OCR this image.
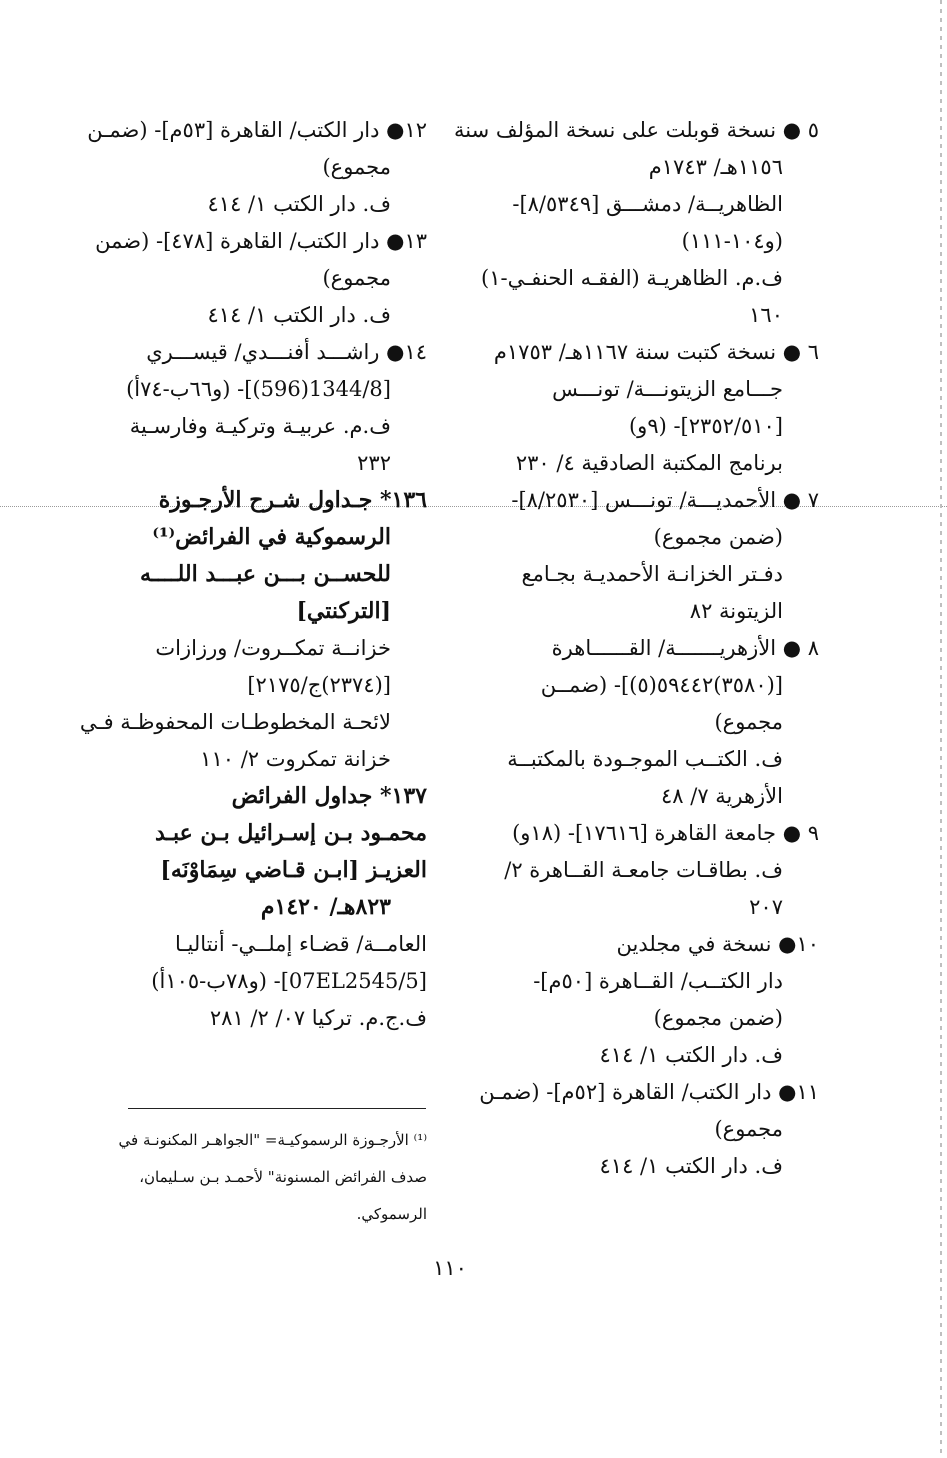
٥ ● نسخة قوبلت على نسخة المؤلف سنة
١١٥٦هـ/ ١٧٤٣م
الظاهريــة/ دمشـــق [٨/٥٣٤٩]-
(و١٠٤-١١١)
ف.م. الظاهريـة (الفقـه الحنفـي-١)
١٦٠
٦ ● نسخة كتبت سنة ١١٦٧هـ/ ١٧٥٣م
جـــامع الزيتونـــة/ تونـــس
[٢٣٥٢/٥١٠]- (٩و)
برنامج المكتبة الصادقية ٤/ ٢٣٠
٧ ● الأحمديـــة/ تونـــس [٨/٢٥٣٠]-
(ضمن مجموع)
دفـتر الخزانـة الأحمديـة بجـامع
الزيتونة ٨٢
٨ ● الأزهريـــــــة/ القــــــاهرة
[(٣٥٨٠)٥٩٤٤٢(٥)]- (ضمــن
مجموع)
ف. الكتــب الموجـودة بالمكتبــة
الأزهرية ٧/ ٤٨
٩ ● جامعة القاهرة [١٧٦١٦]- (١٨و)
ف. بطاقـات جامعـة القــاهرة ٢/
٢٠٧
١٠● نسخة في مجلدين
دار الكتــب/ القــاهرة [٥٠م]-
(ضمن مجموع)
ف. دار الكتب ١/ ٤١٤
١١● دار الكتب/ القاهرة [٥٢م]- (ضمـن
مجموع)
ف. دار الكتب ١/ ٤١٤
١٢● دار الكتب/ القاهرة [٥٣م]- (ضمـن
مجموع)
ف. دار الكتب ١/ ٤١٤
١٣● دار الكتب/ القاهرة [٤٧٨]- (ضمن
مجموع)
ف. دار الكتب ١/ ٤١٤
١٤● راشـــد أفنـــدي/ قيســـري
[1344/8(596)]- (و٦٦ب-٧٤أ)
ف.م. عربيـة وتركيـة وفارسـية
٢٣٢
١٣٦* جـداول شـرح الأرجـوزة
الرسموكية في الفرائض⁽¹⁾
للحســن بـــن عبـــد اللــــه
[التركنتي]
خزانــة تمكــروت/ ورزازات
[(٢٣٧٤)ج/٢١٧٥]
لائحـة المخطوطـات المحفوظـة فـي
خزانة تمكروت ٢/ ١١٠
١٣٧* جداول الفرائض
محمـود بـن إسـرائيل بـن عبـد
العزيـز [ابـن قـاضي سِمَاوْنَه]
٨٢٣هـ/ ١٤٢٠م
العامــة/ قضـاء إملــي- أنتاليـا
[07EL2545/5]- (و٧٨ب-١٠٥أ)
ف.ج.م. تركيا ٠٧/ ٢/ ٢٨١
⁽¹⁾ الأرجـوزة الرسموكيـة= "الجواهـر المكنونـة في
صدف الفرائض المسنونة" لأحمـد بـن سـليمان،
الرسموكي.
١١٠
